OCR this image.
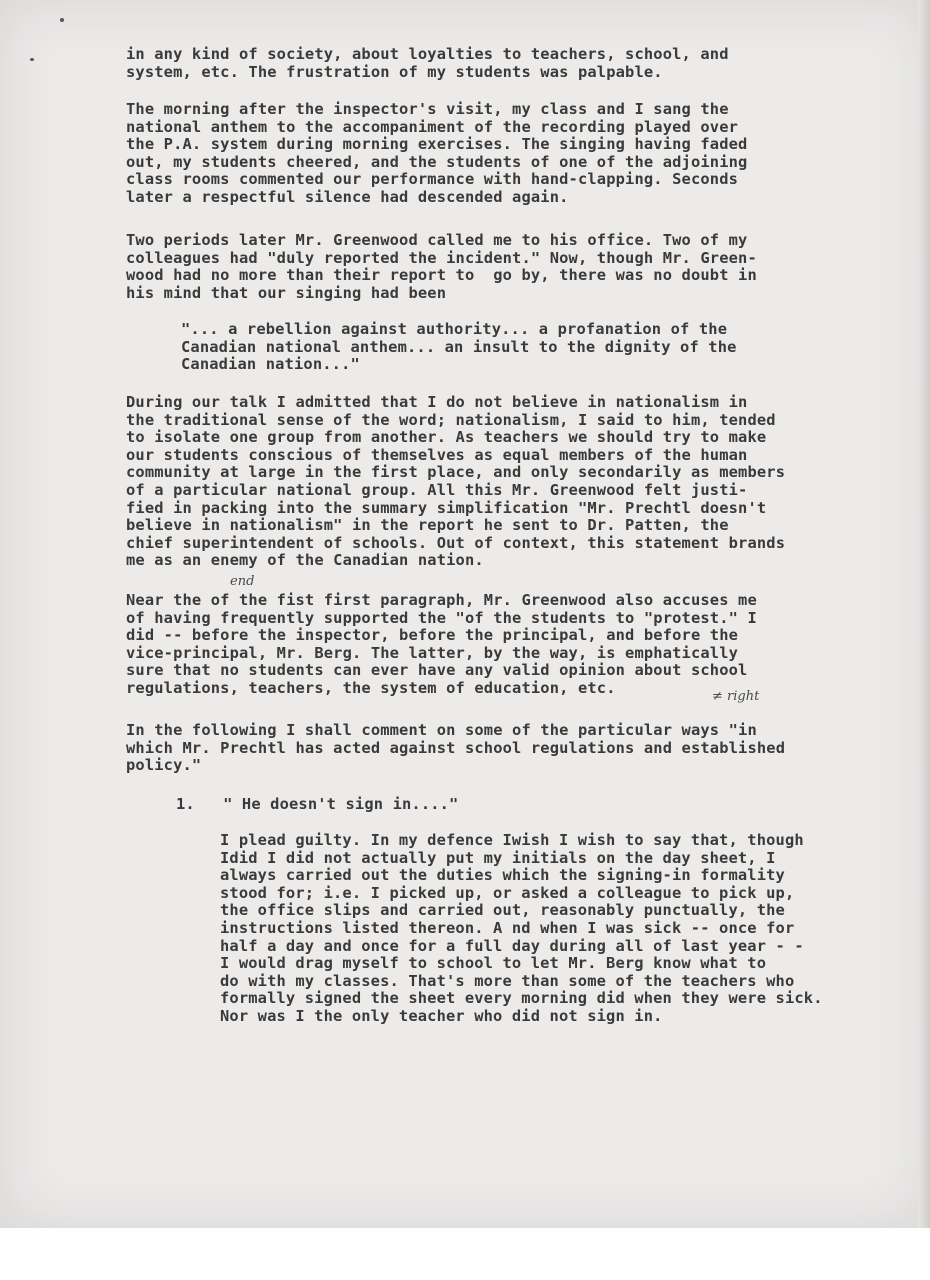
in any kind of society, about loyalties to teachers, school, and
system, etc. The frustration of my students was palpable.
The morning after the inspector's visit, my class and I sang the
national anthem to the accompaniment of the recording played over
the P.A. system during morning exercises. The singing having faded
out, my students cheered, and the students of one of the adjoining
class rooms commented our performance with hand-clapping. Seconds
later a respectful silence had descended again.
Two periods later Mr. Greenwood called me to his office. Two of my
colleagues had "duly reported the incident." Now, though Mr. Green-
wood had no more than their report to  go by, there was no doubt in
his mind that our singing had been
"... a rebellion against authority... a profanation of the
Canadian national anthem... an insult to the dignity of the
Canadian nation..."
During our talk I admitted that I do not believe in nationalism in
the traditional sense of the word; nationalism, I said to him, tended
to isolate one group from another. As teachers we should try to make
our students conscious of themselves as equal members of the human
community at large in the first place, and only secondarily as members
of a particular national group. All this Mr. Greenwood felt justi-
fied in packing into the summary simplification "Mr. Prechtl doesn't
believe in nationalism" in the report he sent to Dr. Patten, the
chief superintendent of schools. Out of context, this statement brands
me as an enemy of the Canadian nation.
end
Near the of the fist first paragraph, Mr. Greenwood also accuses me
of having frequently supported the "of the students to "protest." I
did -- before the inspector, before the principal, and before the
vice-principal, Mr. Berg. The latter, by the way, is emphatically
sure that no students can ever have any valid opinion about school
regulations, teachers, the system of education, etc.	≠ right
In the following I shall comment on some of the particular ways "in
which Mr. Prechtl has acted against school regulations and established
policy."
1.   " He doesn't sign in...."
I plead guilty. In my defence Iwish I wish to say that, though
Idid I did not actually put my initials on the day sheet, I
always carried out the duties which the signing-in formality
stood for; i.e. I picked up, or asked a colleague to pick up,
the office slips and carried out, reasonably punctually, the
instructions listed thereon. A nd when I was sick -- once for
half a day and once for a full day during all of last year - -
I would drag myself to school to let Mr. Berg know what to
do with my classes. That's more than some of the teachers who
formally signed the sheet every morning did when they were sick.
Nor was I the only teacher who did not sign in.
